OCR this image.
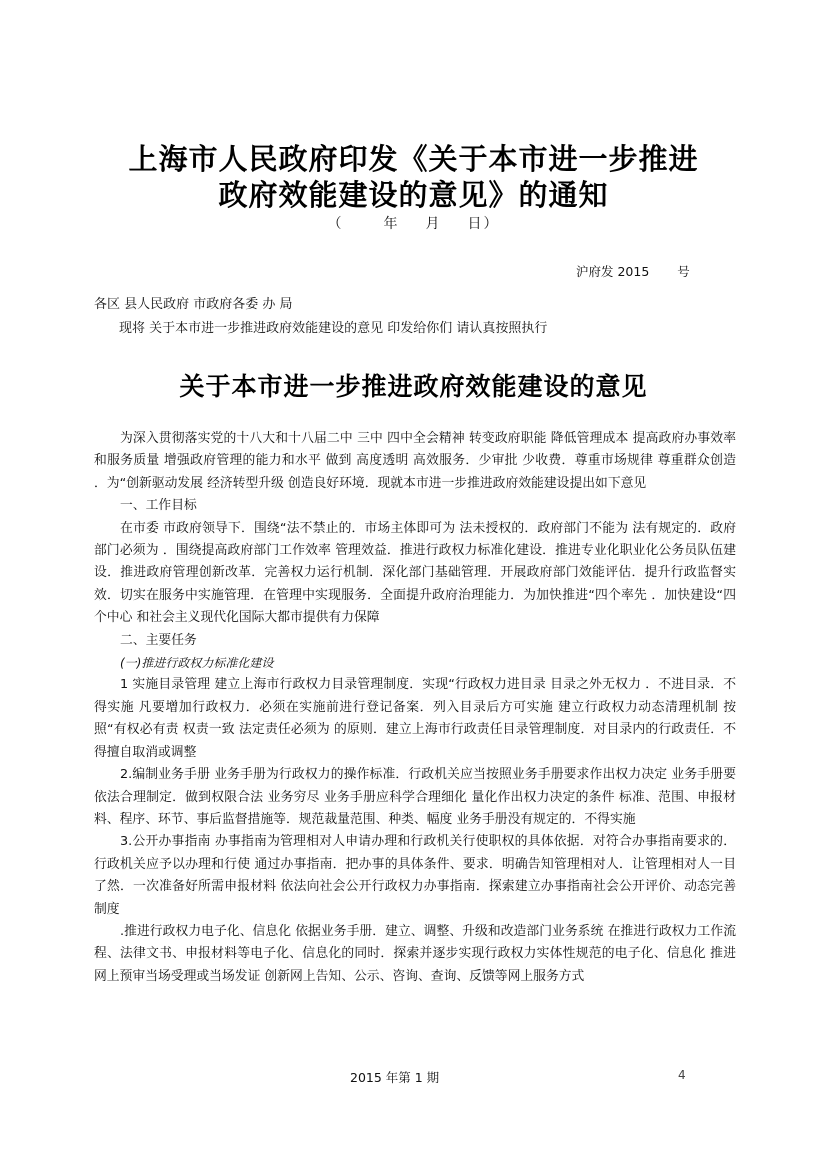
上海市人民政府印发《关于本市进一步推进
政府效能建设的意见》的通知
（	年 月 日）
沪府发 2015 号
各区 县人民政府 市政府各委 办 局
现将 关于本市进一步推进政府效能建设的意见 印发给你们 请认真按照执行
关于本市进一步推进政府效能建设的意见

为深入贯彻落实党的十八大和十八届二中 三中 四中全会精神 转变政府职能 降低管理成本 提高政府办事效率和服务质量 增强政府管理的能力和水平 做到 高度透明 高效服务．少审批 少收费．尊重市场规律 尊重群众创造 ．为“创新驱动发展 经济转型升级 创造良好环境．现就本市进一步推进政府效能建设提出如下意见

一、工作目标

在市委 市政府领导下．围绕“法不禁止的．市场主体即可为 法未授权的．政府部门不能为 法有规定的．政府部门必须为 ．围绕提高政府部门工作效率 管理效益．推进行政权力标准化建设．推进专业化职业化公务员队伍建设．推进政府管理创新改革．完善权力运行机制．深化部门基础管理．开展政府部门效能评估．提升行政监督实效．切实在服务中实施管理．在管理中实现服务．全面提升政府治理能力．为加快推进“四个率先 ．加快建设“四个中心 和社会主义现代化国际大都市提供有力保障

二、主要任务

(一)推进行政权力标准化建设

1 实施目录管理 建立上海市行政权力目录管理制度．实现“行政权力进目录 目录之外无权力 ．不进目录．不得实施 凡要增加行政权力．必须在实施前进行登记备案．列入目录后方可实施 建立行政权力动态清理机制 按照“有权必有责 权责一致 法定责任必须为 的原则．建立上海市行政责任目录管理制度．对目录内的行政责任．不得擅自取消或调整

2.编制业务手册 业务手册为行政权力的操作标准．行政机关应当按照业务手册要求作出权力决定 业务手册要依法合理制定．做到权限合法 业务穷尽 业务手册应科学合理细化 量化作出权力决定的条件 标准、范围、申报材料、程序、环节、事后监督措施等．规范裁量范围、种类、幅度 业务手册没有规定的．不得实施

3.公开办事指南 办事指南为管理相对人申请办理和行政机关行使职权的具体依据．对符合办事指南要求的．行政机关应予以办理和行使 通过办事指南．把办事的具体条件、要求．明确告知管理相对人．让管理相对人一目了然．一次准备好所需申报材料 依法向社会公开行政权力办事指南．探索建立办事指南社会公开评价、动态完善制度

.推进行政权力电子化、信息化 依据业务手册．建立、调整、升级和改造部门业务系统 在推进行政权力工作流程、法律文书、申报材料等电子化、信息化的同时．探索并逐步实现行政权力实体性规范的电子化、信息化 推进网上预审当场受理或当场发证 创新网上告知、公示、咨询、查询、反馈等网上服务方式

2015 年第 1 期	4
